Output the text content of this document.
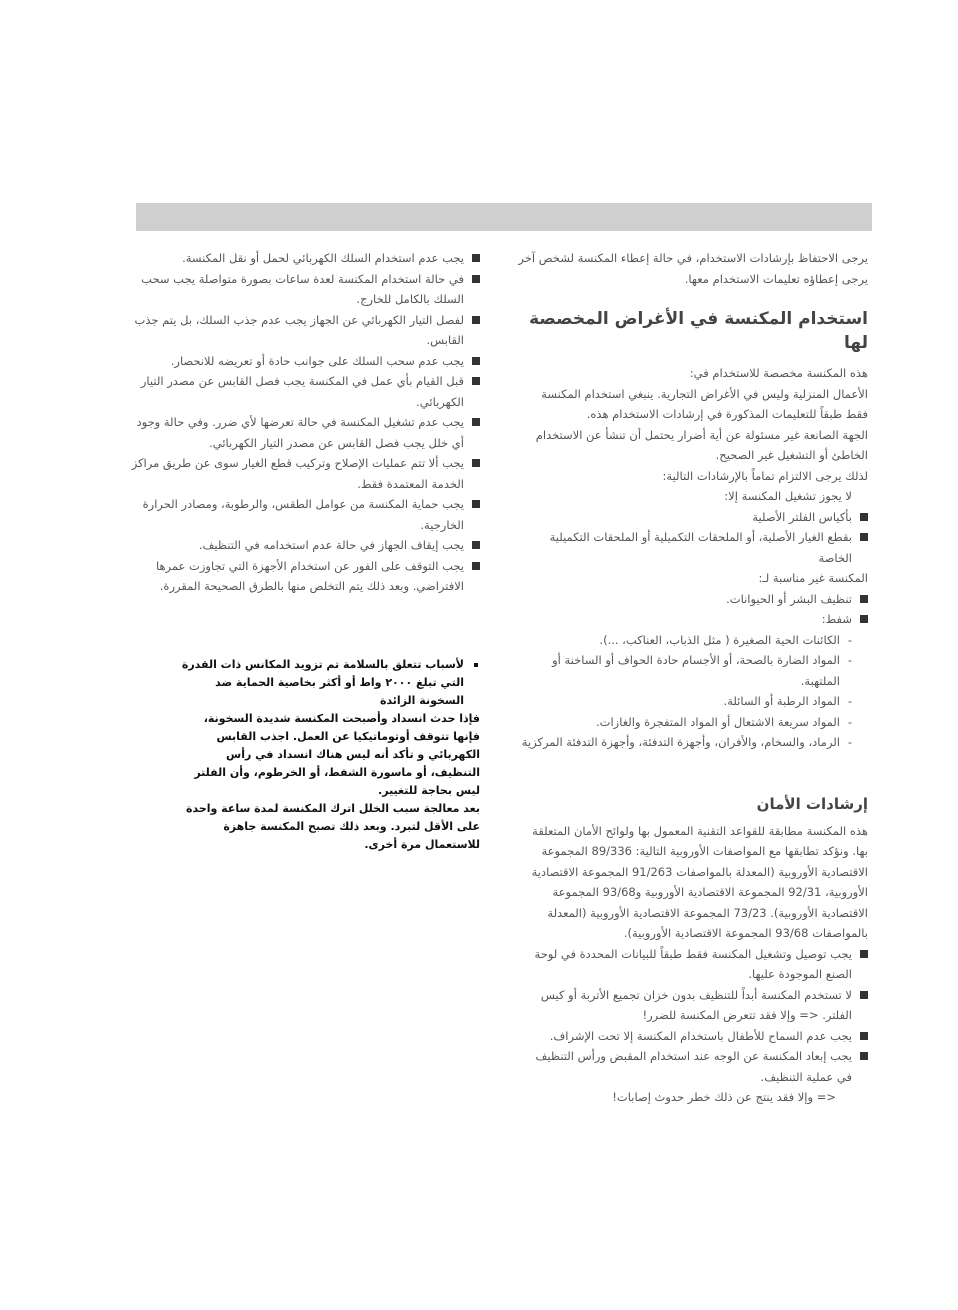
يرجى الاحتفاظ بإرشادات الاستخدام، في حالة إعطاء المكنسة لشخص آخر يرجى إعطاؤه تعليمات الاستخدام معها.

استخدام المكنسة في الأغراض المخصصة لها

هذه المكنسة مخصصة للاستخدام في:

الأعمال المنزلية وليس في الأغراض التجارية. ينبغي استخدام المكنسة فقط طبقاً للتعليمات المذكورة في إرشادات الاستخدام هذه.

الجهة الصانعة غير مسئولة عن أية أضرار يحتمل أن تنشأ عن الاستخدام الخاطئ أو التشغيل غير الصحيح.

لذلك يرجى الالتزام تماماً بالإرشادات التالية:

لا يجوز تشغيل المكنسة إلا:

بأكياس الفلتر الأصلية
بقطع الغيار الأصلية، أو الملحقات التكميلية أو الملحقات التكميلية الخاصة

المكنسة غير مناسبة لـ:

تنظيف البشر أو الحيوانات.
شفط:
- الكائنات الحية الصغيرة ( مثل الذباب، العناكب، ...).
- المواد الضارة بالصحة، أو الأجسام حادة الحواف أو الساخنة أو الملتهبة.
- المواد الرطبة أو السائلة.
- المواد سريعة الاشتعال أو المواد المتفجرة والغازات.
- الرماد، والسخام، والأفران، وأجهزة التدفئة، وأجهزة التدفئة المركزية
إرشادات الأمان

هذه المكنسة مطابقة للقواعد التقنية المعمول بها ولوائح الأمان المتعلقة بها. ونؤكد تطابقها مع المواصفات الأوروبية التالية: 89/336 المجموعة الاقتصادية الأوروبية (المعدلة بالمواصفات 91/263 المجموعة الاقتصادية الأوروبية، 92/31 المجموعة الاقتصادية الأوروبية و93/68 المجموعة الاقتصادية الأوروبية). 73/23 المجموعة الاقتصادية الأوروبية (المعدلة بالمواصفات 93/68 المجموعة الاقتصادية الأوروبية).

يجب توصيل وتشغيل المكنسة فقط طبقاً للبيانات المحددة في لوحة الصنع الموجودة عليها.
لا تستخدم المكنسة أبداً للتنظيف بدون خزان تجميع الأتربة أو كيس الفلتر. <= وإلا فقد تتعرض المكنسة للضرر!
يجب عدم السماح للأطفال باستخدام المكنسة إلا تحت الإشراف.
يجب إبعاد المكنسة عن الوجه عند استخدام المقبض ورأس التنظيف في عملية التنظيف.

<= وإلا فقد ينتج عن ذلك خطر حدوث إصابات!

يجب عدم استخدام السلك الكهربائي لحمل أو نقل المكنسة.
في حالة استخدام المكنسة لعدة ساعات بصورة متواصلة يجب سحب السلك بالكامل للخارج.
لفصل التيار الكهربائي عن الجهاز يجب عدم جذب السلك، بل يتم جذب القابس.
يجب عدم سحب السلك على جوانب حادة أو تعريضه للانحصار.
قبل القيام بأي عمل في المكنسة يجب فصل القابس عن مصدر التيار الكهربائي.
يجب عدم تشغيل المكنسة في حالة تعرضها لأي ضرر. وفي حالة وجود أي خلل يجب فصل القابس عن مصدر التيار الكهربائي.
يجب ألا تتم عمليات الإصلاح وتركيب قطع الغيار سوى عن طريق مراكز الخدمة المعتمدة فقط.
يجب حماية المكنسة من عوامل الطقس، والرطوبة، ومصادر الحرارة الخارجية.
يجب إيقاف الجهاز في حالة عدم استخدامه في التنظيف.
يجب التوقف على الفور عن استخدام الأجهزة التي تجاوزت عمرها الافتراضي. وبعد ذلك يتم التخلص منها بالطرق الصحيحة المقررة.

لأسباب تتعلق بالسلامة تم تزويد المكانس ذات القدرة التي تبلغ ٢٠٠٠ واط أو أكثر بخاصية الحماية ضد السخونة الزائدة

فإذا حدث انسداد وأصبحت المكنسة شديدة السخونة، فإنها تتوقف أوتوماتيكيا عن العمل. اجذب القابس الكهربائي و تأكد أنه ليس هناك انسداد في رأس التنظيف، أو ماسورة الشفط، أو الخرطوم، وأن الفلتر ليس بحاجة للتغيير.

بعد معالجة سبب الخلل اترك المكنسة لمدة ساعة واحدة على الأقل لتبرد. وبعد ذلك تصبح المكنسة جاهزة للاستعمال مرة أخرى.
